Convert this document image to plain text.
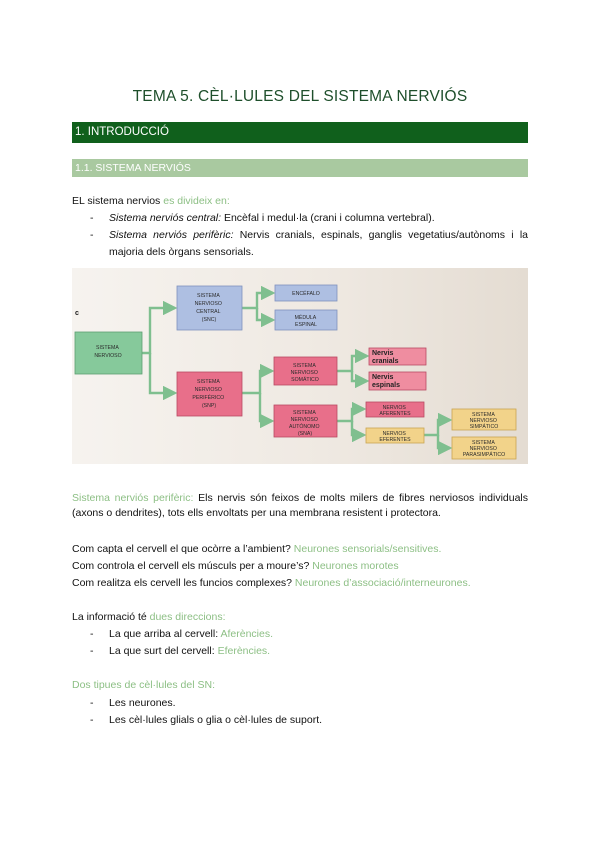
TEMA 5. CÈL·LULES DEL SISTEMA NERVIÓS
1. INTRODUCCIÓ
1.1. SISTEMA NERVIÓS
EL sistema nervios es divideix en:
- Sistema nerviós central: Encèfal i medul·la (crani i columna vertebral).
- Sistema nerviós perifèric: Nervis cranials, espinals, ganglis vegetatius/autònoms i la majoria dels òrgans sensorials.
c
SISTEMA NERVIOSO
SISTEMA NERVIOSO CENTRAL (SNC)
SISTEMA NERVIOSO PERIFÉRICO (SNP)
ENCÉFALO
MÉDULA ESPINAL
SISTEMA NERVIOSO SOMÁTICO
SISTEMA NERVIOSO AUTÓNOMO (SNA)
Nervis cranials
Nervis espinals
NERVIOS AFERENTES
NERVIOS EFERENTES
SISTEMA NERVIOSO SIMPÁTICO
SISTEMA NERVIOSO PARASIMPÁTICO
Sistema nerviós perifèric: Els nervis són feixos de molts milers de fibres nerviosos individuals (axons o dendrites), tots ells envoltats per una membrana resistent i protectora.
Com capta el cervell el que ocòrre a l’ambient? Neurones sensorials/sensitives.
Com controla el cervell els músculs per a moure’s? Neurones morotes
Com realitza els cervell les funcios complexes? Neurones d’associació/interneurones.
La informació té dues direccions:
- La que arriba al cervell: Aferències.
- La que surt del cervell: Eferències.
Dos tipues de cèl·lules del SN:
- Les neurones.
- Les cèl·lules glials o glia o cèl·lules de suport.
